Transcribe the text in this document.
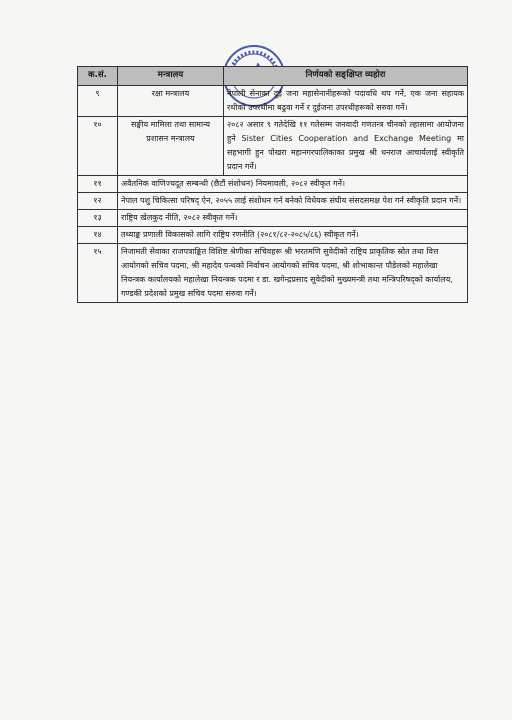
क.सं.	मन्त्रालय	निर्णयको सङ्क्षिप्त व्यहोरा
९	रक्षा मन्त्रालय	नेपाली सेनाका दुई जना महासेनानीहरूको पदावधि थप गर्ने, एक जना सहायक रथीको उपरथीमा बढुवा गर्ने र दुईजना उपरथीहरूको सरुवा गर्ने।
१०	सङ्घीय मामिला तथा सामान्य प्रशासन मन्त्रालय	२०८२ असार ९ गतेदेखि ११ गतेसम्म जनवादी गणतन्त्र चीनको ल्हासामा आयोजना हुने Sister Cities Cooperation and Exchange Meeting मा सहभागी हुन पोखरा महानगरपालिकाका प्रमुख श्री धनराज आचार्यलाई स्वीकृति प्रदान गर्ने।
११	अवैतनिक वाणिज्यदूत सम्बन्धी (छैटौं संशोधन) नियमावली, २०८२ स्वीकृत गर्ने।	
१२	नेपाल पशु चिकित्सा परिषद् ऐन, २०५५ लाई संशोधन गर्न बनेको विधेयक संघीय संसदसमक्ष पेश गर्न स्वीकृति प्रदान गर्ने।	
१३	राष्ट्रिय खेलकुद नीति, २०८२ स्वीकृत गर्ने।	
१४	तथ्याङ्क प्रणाली विकासको लागि राष्ट्रिय रणनीति (२०८१/८२-२०८५/८६) स्वीकृत गर्ने।	
१५	निजामती सेवाका राजपत्राङ्कित विशिष्ट श्रेणीका सचिवहरू श्री भरतमणि सुवेदीको राष्ट्रिय प्राकृतिक स्रोत तथा वित्त आयोगको सचिव पदमा, श्री महादेव पन्थको निर्वाचन आयोगको सचिव पदमा, श्री शोभाकान्त पौडेलको महालेखा नियन्त्रक कार्यालयको महालेखा नियन्त्रक पदमा र डा. खगेन्द्रप्रसाद सुवेदीको मुख्यमन्त्री तथा मन्त्रिपरिषद्‌को कार्यालय, गण्डकी प्रदेशको प्रमुख सचिव पदमा सरुवा गर्ने।	
